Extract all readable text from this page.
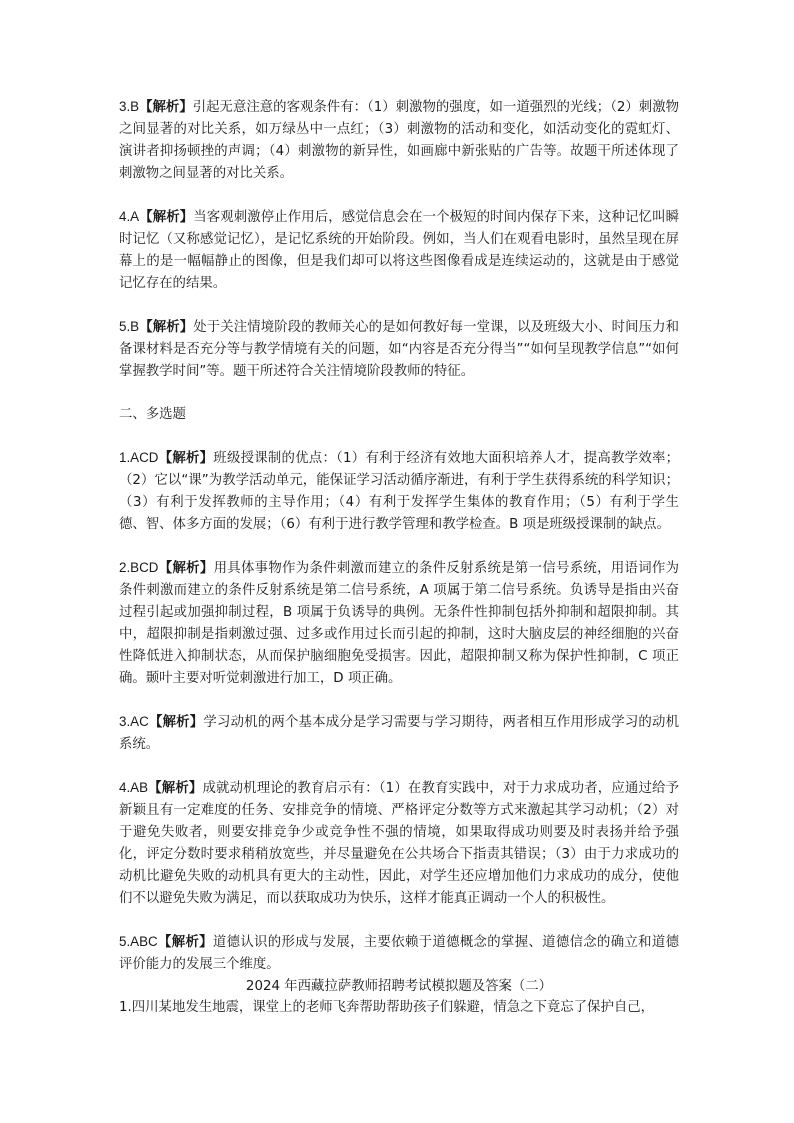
3.B【解析】引起无意注意的客观条件有：（1）刺激物的强度，如一道强烈的光线；（2）刺激物之间显著的对比关系，如万绿丛中一点红；（3）刺激物的活动和变化，如活动变化的霓虹灯、演讲者抑扬顿挫的声调；（4）刺激物的新异性，如画廊中新张贴的广告等。故题干所述体现了刺激物之间显著的对比关系。

4.A【解析】当客观刺激停止作用后，感觉信息会在一个极短的时间内保存下来，这种记忆叫瞬时记忆（又称感觉记忆），是记忆系统的开始阶段。例如，当人们在观看电影时，虽然呈现在屏幕上的是一幅幅静止的图像，但是我们却可以将这些图像看成是连续运动的，这就是由于感觉记忆存在的结果。

5.B【解析】处于关注情境阶段的教师关心的是如何教好每一堂课，以及班级大小、时间压力和备课材料是否充分等与教学情境有关的问题，如“内容是否充分得当”“如何呈现教学信息”“如何掌握教学时间”等。题干所述符合关注情境阶段教师的特征。

二、多选题

1.ACD【解析】班级授课制的优点：（1）有利于经济有效地大面积培养人才，提高教学效率；（2）它以“课”为教学活动单元，能保证学习活动循序渐进，有利于学生获得系统的科学知识；（3）有利于发挥教师的主导作用；（4）有利于发挥学生集体的教育作用；（5）有利于学生德、智、体多方面的发展；（6）有利于进行教学管理和教学检查。B 项是班级授课制的缺点。

2.BCD【解析】用具体事物作为条件刺激而建立的条件反射系统是第一信号系统，用语词作为条件刺激而建立的条件反射系统是第二信号系统，A 项属于第二信号系统。负诱导是指由兴奋过程引起或加强抑制过程，B 项属于负诱导的典例。无条件性抑制包括外抑制和超限抑制。其中，超限抑制是指刺激过强、过多或作用过长而引起的抑制，这时大脑皮层的神经细胞的兴奋性降低进入抑制状态，从而保护脑细胞免受损害。因此，超限抑制又称为保护性抑制，C 项正确。颞叶主要对听觉刺激进行加工，D 项正确。

3.AC【解析】学习动机的两个基本成分是学习需要与学习期待，两者相互作用形成学习的动机系统。

4.AB【解析】成就动机理论的教育启示有：（1）在教育实践中，对于力求成功者，应通过给予新颖且有一定难度的任务、安排竞争的情境、严格评定分数等方式来激起其学习动机；（2）对于避免失败者，则要安排竞争少或竞争性不强的情境，如果取得成功则要及时表扬并给予强化，评定分数时要求稍稍放宽些，并尽量避免在公共场合下指责其错误；（3）由于力求成功的动机比避免失败的动机具有更大的主动性，因此，对学生还应增加他们力求成功的成分，使他们不以避免失败为满足，而以获取成功为快乐，这样才能真正调动一个人的积极性。

5.ABC【解析】道德认识的形成与发展，主要依赖于道德概念的掌握、道德信念的确立和道德评价能力的发展三个维度。

2024 年西藏拉萨教师招聘考试模拟题及答案（二）

1.四川某地发生地震，课堂上的老师飞奔帮助帮助孩子们躲避，情急之下竟忘了保护自己，
